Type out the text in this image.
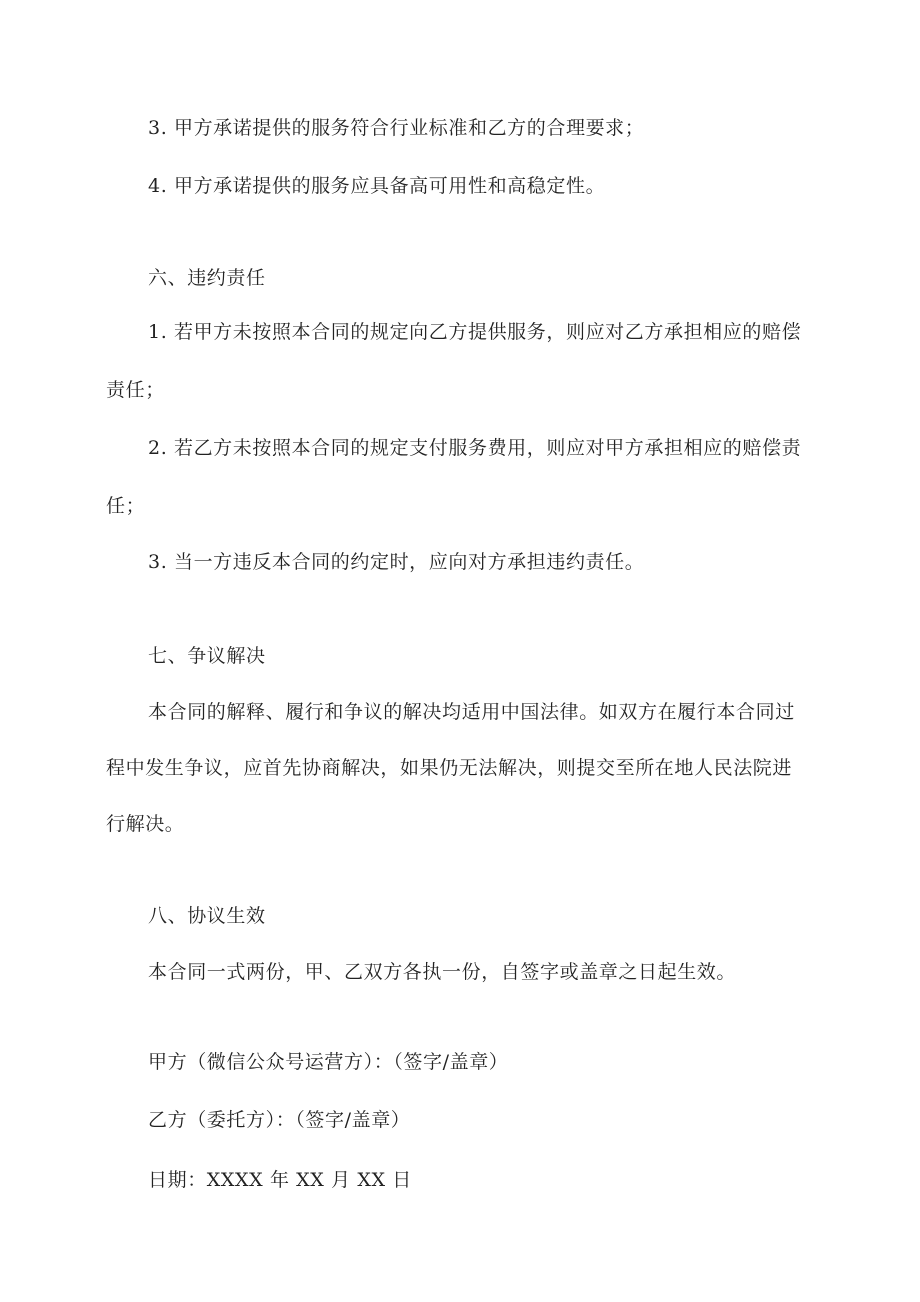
3. 甲方承诺提供的服务符合行业标准和乙方的合理要求；
4. 甲方承诺提供的服务应具备高可用性和高稳定性。
六、违约责任
1. 若甲方未按照本合同的规定向乙方提供服务，则应对乙方承担相应的赔偿
责任；
2. 若乙方未按照本合同的规定支付服务费用，则应对甲方承担相应的赔偿责
任；
3. 当一方违反本合同的约定时，应向对方承担违约责任。
七、争议解决
本合同的解释、履行和争议的解决均适用中国法律。如双方在履行本合同过
程中发生争议，应首先协商解决，如果仍无法解决，则提交至所在地人民法院进
行解决。
八、协议生效
本合同一式两份，甲、乙双方各执一份，自签字或盖章之日起生效。
甲方（微信公众号运营方）：（签字/盖章）
乙方（委托方）：（签字/盖章）
日期：XXXX 年 XX 月 XX 日
